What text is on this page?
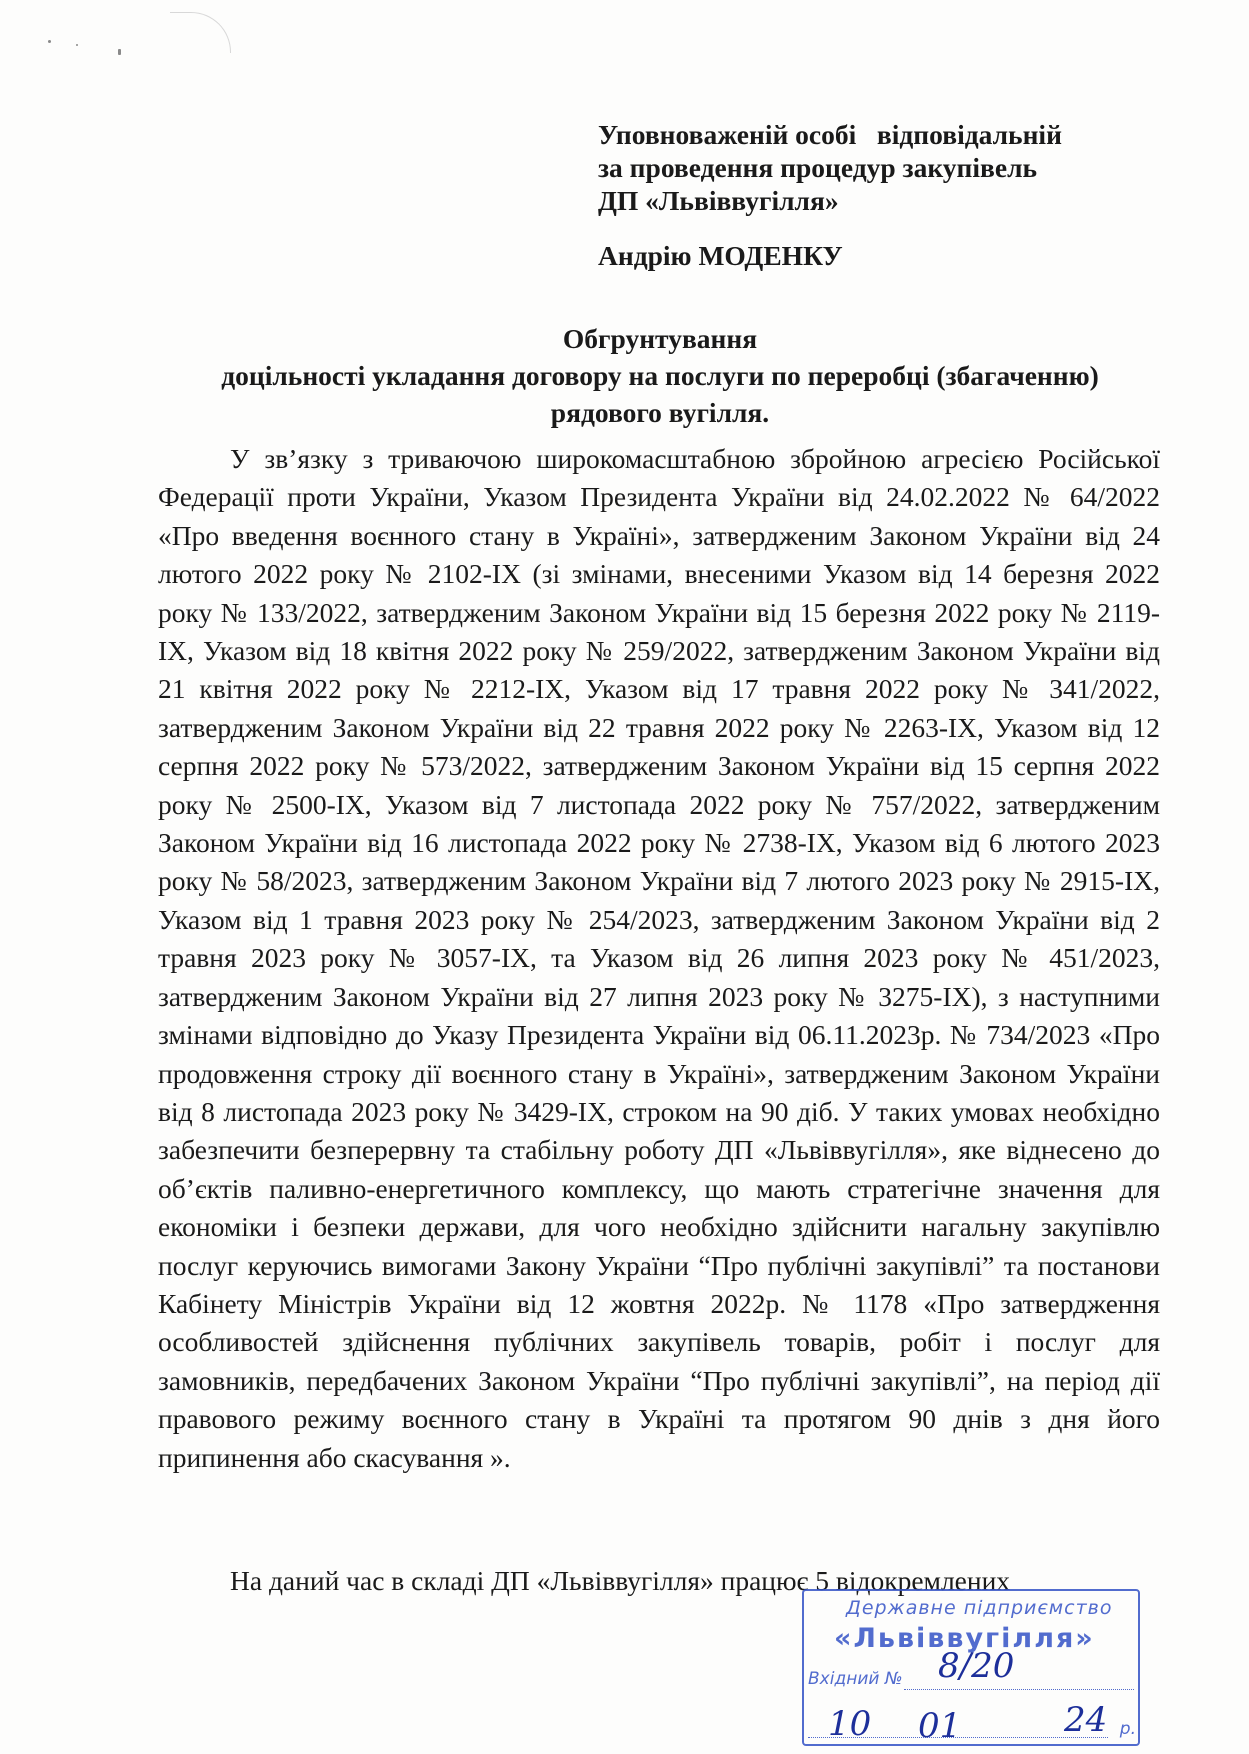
Уповноваженій особі   відповідальній
за проведення процедур закупівель
ДП «Львіввугілля»
Андрію МОДЕНКУ
Обгрунтування
доцільності укладання договору на послуги по переробці (збагаченню)
рядового вугілля.
У зв’язку з триваючою широкомасштабною збройною агресією Російської Федерації проти України, Указом Президента України від 24.02.2022 № 64/2022 «Про введення воєнного стану в Україні», затвердженим Законом України від 24 лютого 2022 року № 2102-IX (зі змінами, внесеними Указом від 14 березня 2022 року № 133/2022, затвердженим Законом України від 15 березня 2022 року № 2119-IX, Указом від 18 квітня 2022 року № 259/2022, затвердженим Законом України від 21 квітня 2022 року № 2212-IX, Указом від 17 травня 2022 року № 341/2022, затвердженим Законом України від 22 травня 2022 року № 2263-IX, Указом від 12 серпня 2022 року № 573/2022, затвердженим Законом України від 15 серпня 2022 року № 2500-IX, Указом від 7 листопада 2022 року № 757/2022, затвердженим Законом України від 16 листопада 2022 року № 2738-IX, Указом від 6 лютого 2023 року № 58/2023, затвердженим Законом України від 7 лютого 2023 року № 2915-IX, Указом від 1 травня 2023 року № 254/2023, затвердженим Законом України від 2 травня 2023 року № 3057-IX, та Указом від 26 липня 2023 року № 451/2023, затвердженим Законом України від 27 липня 2023 року № 3275-IX), з наступними змінами відповідно до Указу Президента України від 06.11.2023р. № 734/2023 «Про продовження строку дії воєнного стану в Україні», затвердженим Законом України від 8 листопада 2023 року № 3429-IX, строком на 90 діб. У таких умовах необхідно забезпечити безперервну та стабільну роботу ДП «Львіввугілля», яке віднесено до об’єктів паливно-енергетичного комплексу, що мають стратегічне значення для економіки і безпеки держави, для чого необхідно здійснити нагальну закупівлю послуг керуючись вимогами Закону України “Про публічні закупівлі” та постанови Кабінету Міністрів України від 12 жовтня 2022р. № 1178 «Про затвердження особливостей здійснення публічних закупівель товарів, робіт і послуг для замовників, передбачених Законом України “Про публічні закупівлі”, на період дії правового режиму воєнного стану в Україні та протягом 90 днів з дня його припинення або скасування ».
На даний час в складі ДП «Львіввугілля» працює 5 відокремлених
Державне підприємство
«Львіввугілля»
Вхідний №
р.
8/20
10 01	24
